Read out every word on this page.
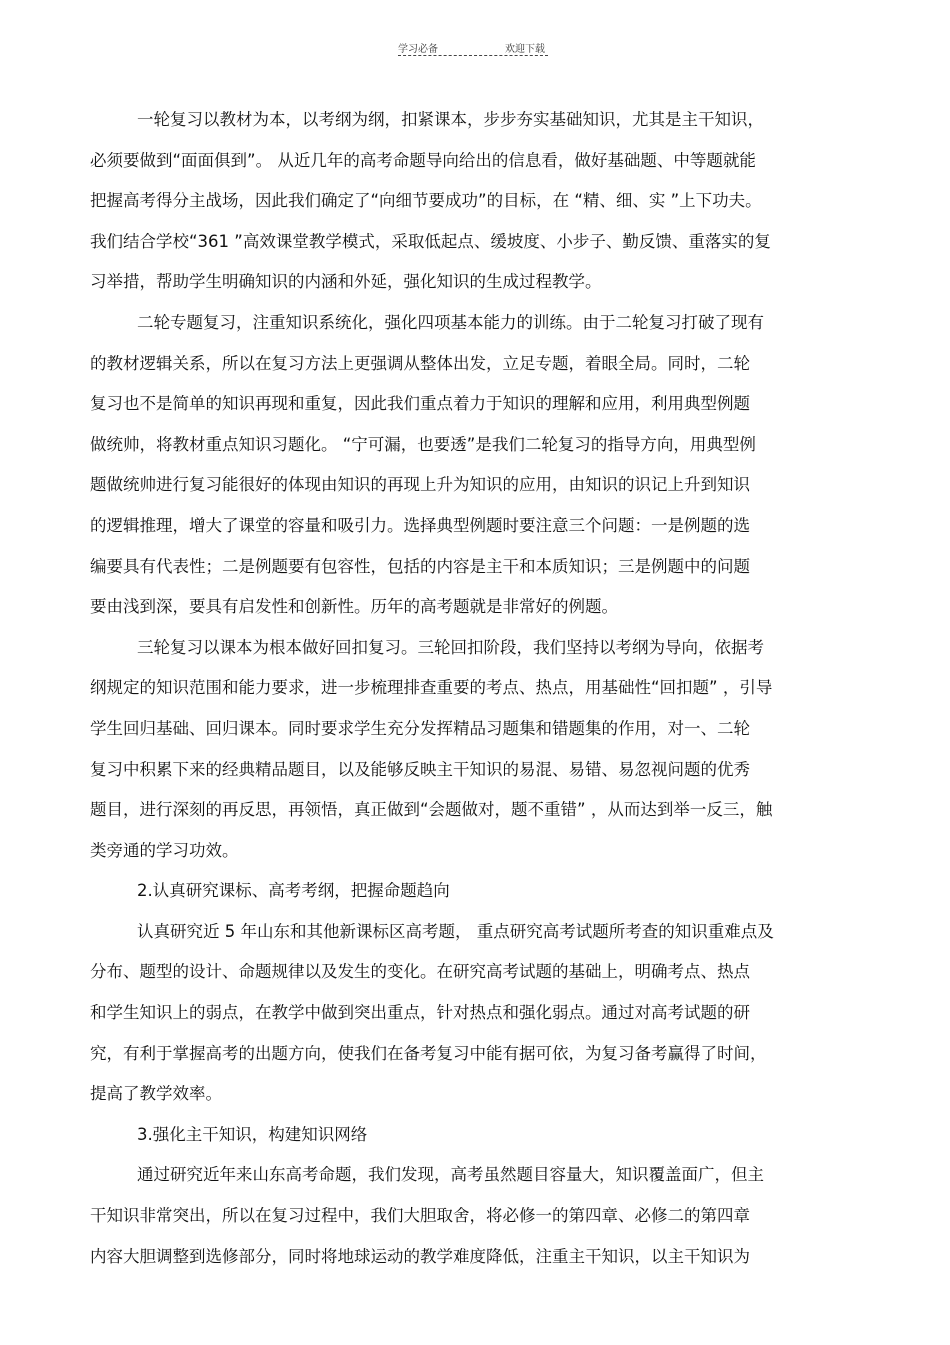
学习必备	欢迎下载
一轮复习以教材为本，以考纲为纲，扣紧课本，步步夯实基础知识，尤其是主干知识，
必须要做到“面面俱到”。 从近几年的高考命题导向给出的信息看，做好基础题、中等题就能
把握高考得分主战场，因此我们确定了“向细节要成功”的目标，在 “精、细、实 ”上下功夫。
我们结合学校“361 ”高效课堂教学模式，采取低起点、缓坡度、小步子、勤反馈、重落实的复
习举措，帮助学生明确知识的内涵和外延，强化知识的生成过程教学。
二轮专题复习，注重知识系统化，强化四项基本能力的训练。由于二轮复习打破了现有
的教材逻辑关系，所以在复习方法上更强调从整体出发，立足专题，着眼全局。同时，二轮
复习也不是简单的知识再现和重复，因此我们重点着力于知识的理解和应用，利用典型例题
做统帅，将教材重点知识习题化。 “宁可漏，也要透”是我们二轮复习的指导方向，用典型例
题做统帅进行复习能很好的体现由知识的再现上升为知识的应用，由知识的识记上升到知识
的逻辑推理，增大了课堂的容量和吸引力。选择典型例题时要注意三个问题：一是例题的选
编要具有代表性；二是例题要有包容性，包括的内容是主干和本质知识；三是例题中的问题
要由浅到深，要具有启发性和创新性。历年的高考题就是非常好的例题。
三轮复习以课本为根本做好回扣复习。三轮回扣阶段，我们坚持以考纲为导向，依据考
纲规定的知识范围和能力要求，进一步梳理排查重要的考点、热点，用基础性“回扣题” ，引导
学生回归基础、回归课本。同时要求学生充分发挥精品习题集和错题集的作用，对一、二轮
复习中积累下来的经典精品题目，以及能够反映主干知识的易混、易错、易忽视问题的优秀
题目，进行深刻的再反思，再领悟，真正做到“会题做对，题不重错” ，从而达到举一反三，触
类旁通的学习功效。
2.认真研究课标、高考考纲，把握命题趋向
认真研究近 5 年山东和其他新课标区高考题， 重点研究高考试题所考查的知识重难点及
分布、题型的设计、命题规律以及发生的变化。在研究高考试题的基础上，明确考点、热点
和学生知识上的弱点，在教学中做到突出重点，针对热点和强化弱点。通过对高考试题的研
究，有利于掌握高考的出题方向，使我们在备考复习中能有据可依，为复习备考赢得了时间，
提高了教学效率。
3.强化主干知识，构建知识网络
通过研究近年来山东高考命题，我们发现，高考虽然题目容量大，知识覆盖面广，但主
干知识非常突出，所以在复习过程中，我们大胆取舍，将必修一的第四章、必修二的第四章
内容大胆调整到选修部分，同时将地球运动的教学难度降低，注重主干知识，以主干知识为
